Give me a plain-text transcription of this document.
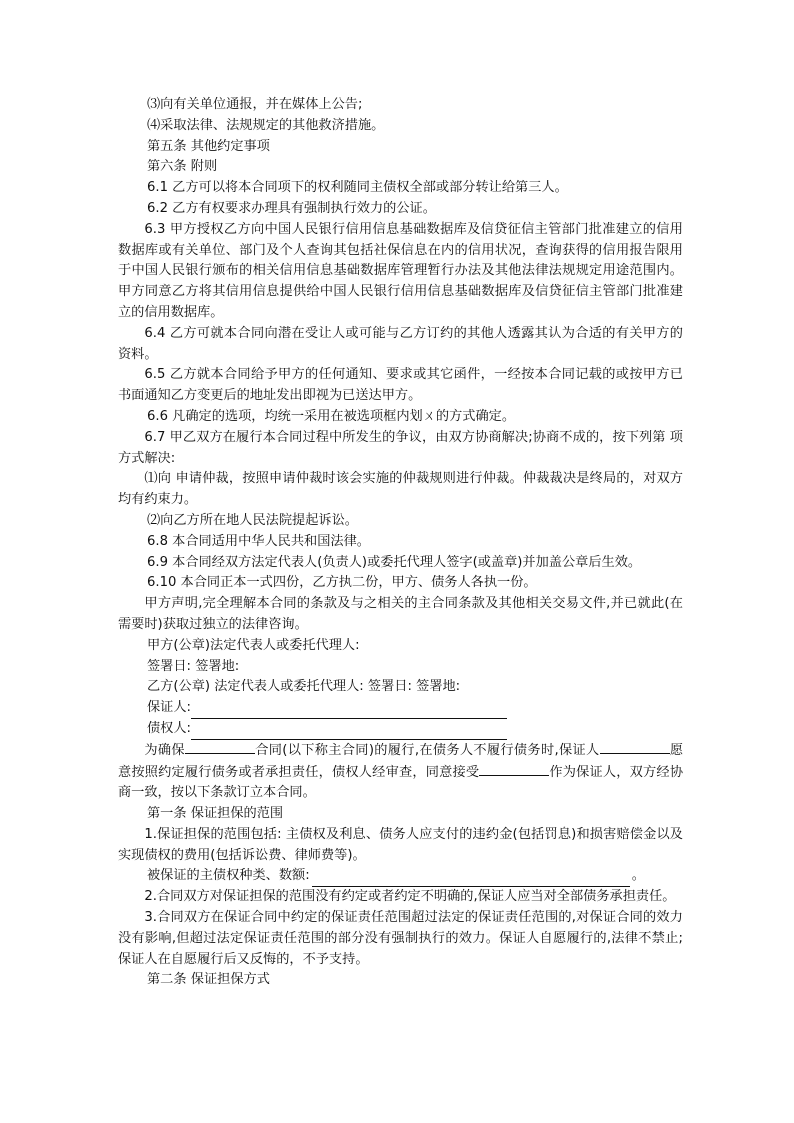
⑶向有关单位通报，并在媒体上公告;

⑷采取法律、法规规定的其他救济措施。

第五条 其他约定事项

第六条 附则

6.1 乙方可以将本合同项下的权利随同主债权全部或部分转让给第三人。

6.2 乙方有权要求办理具有强制执行效力的公证。

6.3 甲方授权乙方向中国人民银行信用信息基础数据库及信贷征信主管部门批准建立的信用数据库或有关单位、部门及个人查询其包括社保信息在内的信用状况，查询获得的信用报告限用于中国人民银行颁布的相关信用信息基础数据库管理暂行办法及其他法律法规规定用途范围内。甲方同意乙方将其信用信息提供给中国人民银行信用信息基础数据库及信贷征信主管部门批准建立的信用数据库。

6.4 乙方可就本合同向潜在受让人或可能与乙方订约的其他人透露其认为合适的有关甲方的资料。

6.5 乙方就本合同给予甲方的任何通知、要求或其它函件，一经按本合同记载的或按甲方已书面通知乙方变更后的地址发出即视为已送达甲方。

6.6 凡确定的选项，均统一采用在被选项框内划ㄨ的方式确定。

6.7 甲乙双方在履行本合同过程中所发生的争议，由双方协商解决;协商不成的，按下列第 项方式解决:

⑴向 申请仲裁，按照申请仲裁时该会实施的仲裁规则进行仲裁。仲裁裁决是终局的，对双方均有约束力。

⑵向乙方所在地人民法院提起诉讼。

6.8 本合同适用中华人民共和国法律。

6.9 本合同经双方法定代表人(负责人)或委托代理人签字(或盖章)并加盖公章后生效。

6.10 本合同正本一式四份，乙方执二份，甲方、债务人各执一份。

甲方声明,完全理解本合同的条款及与之相关的主合同条款及其他相关交易文件,并已就此(在需要时)获取过独立的法律咨询。

甲方(公章)法定代表人或委托代理人:

签署日: 签署地:

乙方(公章) 法定代表人或委托代理人: 签署日: 签署地:

保证人:
债权人:

为确保	合同(以下称主合同)的履行,在债务人不履行债务时,保证人	愿意按照约定履行债务或者承担责任，债权人经审查，同意接受	作为保证人，双方经协商一致，按以下条款订立本合同。

第一条 保证担保的范围

1.保证担保的范围包括: 主债权及利息、债务人应支付的违约金(包括罚息)和损害赔偿金以及实现债权的费用(包括诉讼费、律师费等)。

被保证的主债权种类、数额:	。

2.合同双方对保证担保的范围没有约定或者约定不明确的,保证人应当对全部债务承担责任。

3.合同双方在保证合同中约定的保证责任范围超过法定的保证责任范围的,对保证合同的效力没有影响,但超过法定保证责任范围的部分没有强制执行的效力。保证人自愿履行的,法律不禁止;保证人在自愿履行后又反悔的，不予支持。

第二条 保证担保方式
